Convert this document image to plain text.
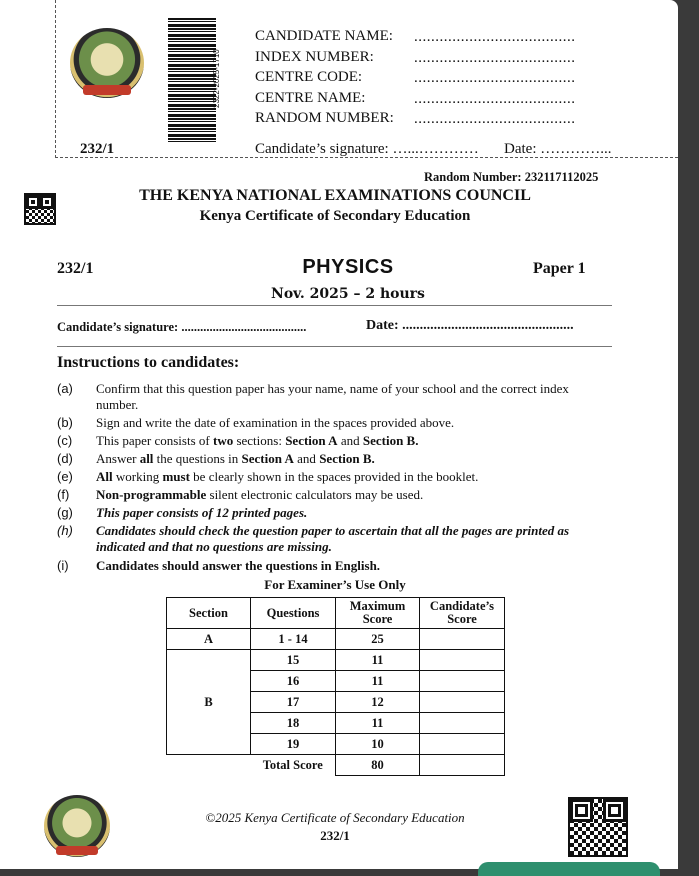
2322-2025-1710
CANDIDATE NAME: ......................................
INDEX NUMBER:	......................................
CENTRE CODE:	......................................
CENTRE NAME:	......................................
RANDOM NUMBER: ......................................
232/1	Candidate’s signature: …...………… Date: …………...
Random Number: 232117112025
THE KENYA NATIONAL EXAMINATIONS COUNCIL
Kenya Certificate of Secondary Education
232/1	PHYSICS	Paper 1
Nov. 2025 – 2 hours
Candidate’s signature: ........................................	Date: .................................................
Instructions to candidates:
(a) Confirm that this question paper has your name, name of your school and the correct index number.
(b) Sign and write the date of examination in the spaces provided above.
(c) This paper consists of two sections: Section A and Section B.
(d) Answer all the questions in Section A and Section B.
(e) All working must be clearly shown in the spaces provided in the booklet.
(f) Non-programmable silent electronic calculators may be used.
(g) This paper consists of 12 printed pages.
(h) Candidates should check the question paper to ascertain that all the pages are printed as indicated and that no questions are missing.
(i) Candidates should answer the questions in English.
For Examiner’s Use Only
Section	Questions	Maximum Score	Candidate’s Score
A	1 - 14	25	
B	15	11	
	16	11	
	17	12	
	18	11	
	19	10	
	Total Score	80	
©2025 Kenya Certificate of Secondary Education
232/1
